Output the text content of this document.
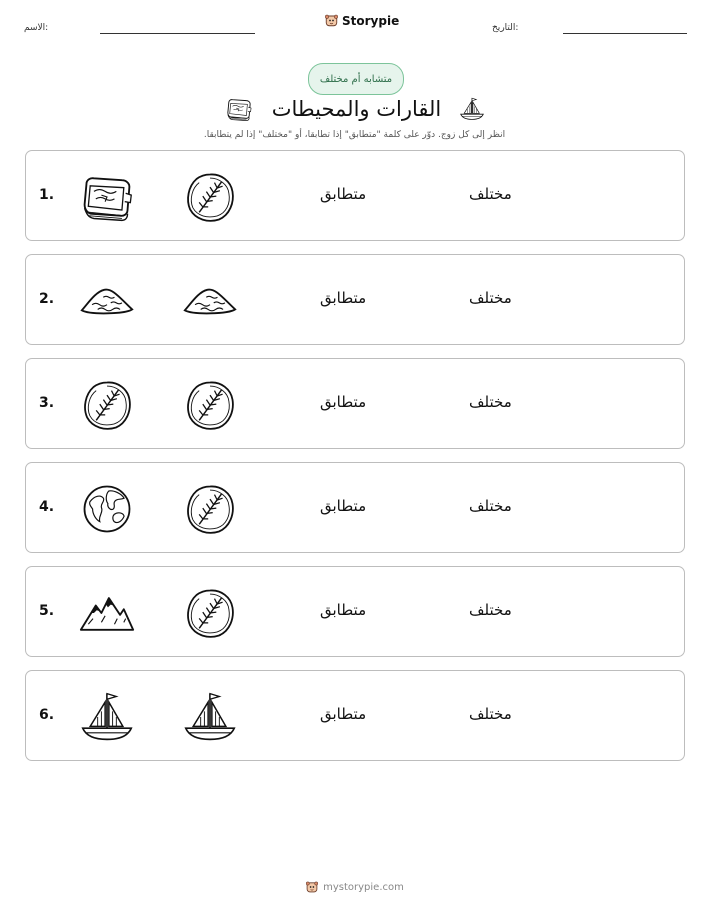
الاسم:
Storypie
التاريخ:
متشابه أم مختلف
القارات والمحيطات
انظر إلى كل زوج. دوّر على كلمة "متطابق" إذا تطابقا، أو "مختلف" إذا لم يتطابقا.
1.	متطابق	مختلف
2.	متطابق	مختلف
3.	متطابق	مختلف
4.	متطابق	مختلف
5.	متطابق	مختلف
6.	متطابق	مختلف
mystorypie.com
